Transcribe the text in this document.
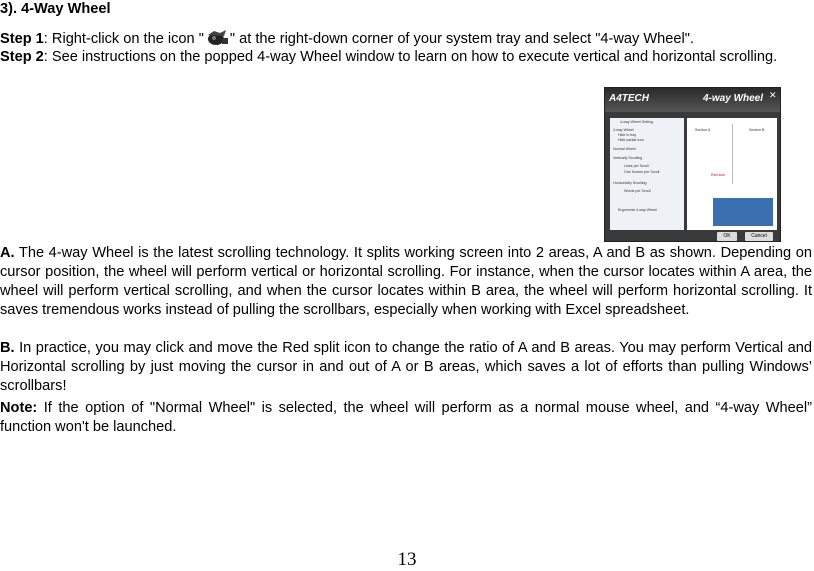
3). 4-Way Wheel
Step 1: Right-click on the icon " " at the right-down corner of your system tray and select "4-way Wheel".
Step 2: See instructions on the popped 4-way Wheel window to learn on how to execute vertical and horizontal scrolling.
A4TECH	4-way Wheel ✕
4-way Wheel Setting
4-way Wheel
Hide in tray
Hide partial icon
Normal Wheel
Vertically Scrolling
Lines per Scroll
One Screen per Scroll
Horizontally Scrolling
Words per Scroll
Ergonomic 4-way Wheel
Section A	Section B
Red icon
OK	Cancel
A. The 4-way Wheel is the latest scrolling technology. It splits working screen into 2 areas, A and B as shown. Depending on cursor position, the wheel will perform vertical or horizontal scrolling. For instance, when the cursor locates within A area, the wheel will perform vertical scrolling, and when the cursor locates within B area, the wheel will perform horizontal scrolling. It saves tremendous works instead of pulling the scrollbars, especially when working with Excel spreadsheet.
B. In practice, you may click and move the Red split icon to change the ratio of A and B areas. You may perform Vertical and Horizontal scrolling by just moving the cursor in and out of A or B areas, which saves a lot of efforts than pulling Windows’ scrollbars!
Note: If the option of "Normal Wheel" is selected, the wheel will perform as a normal mouse wheel, and “4-way Wheel” function won't be launched.
13
